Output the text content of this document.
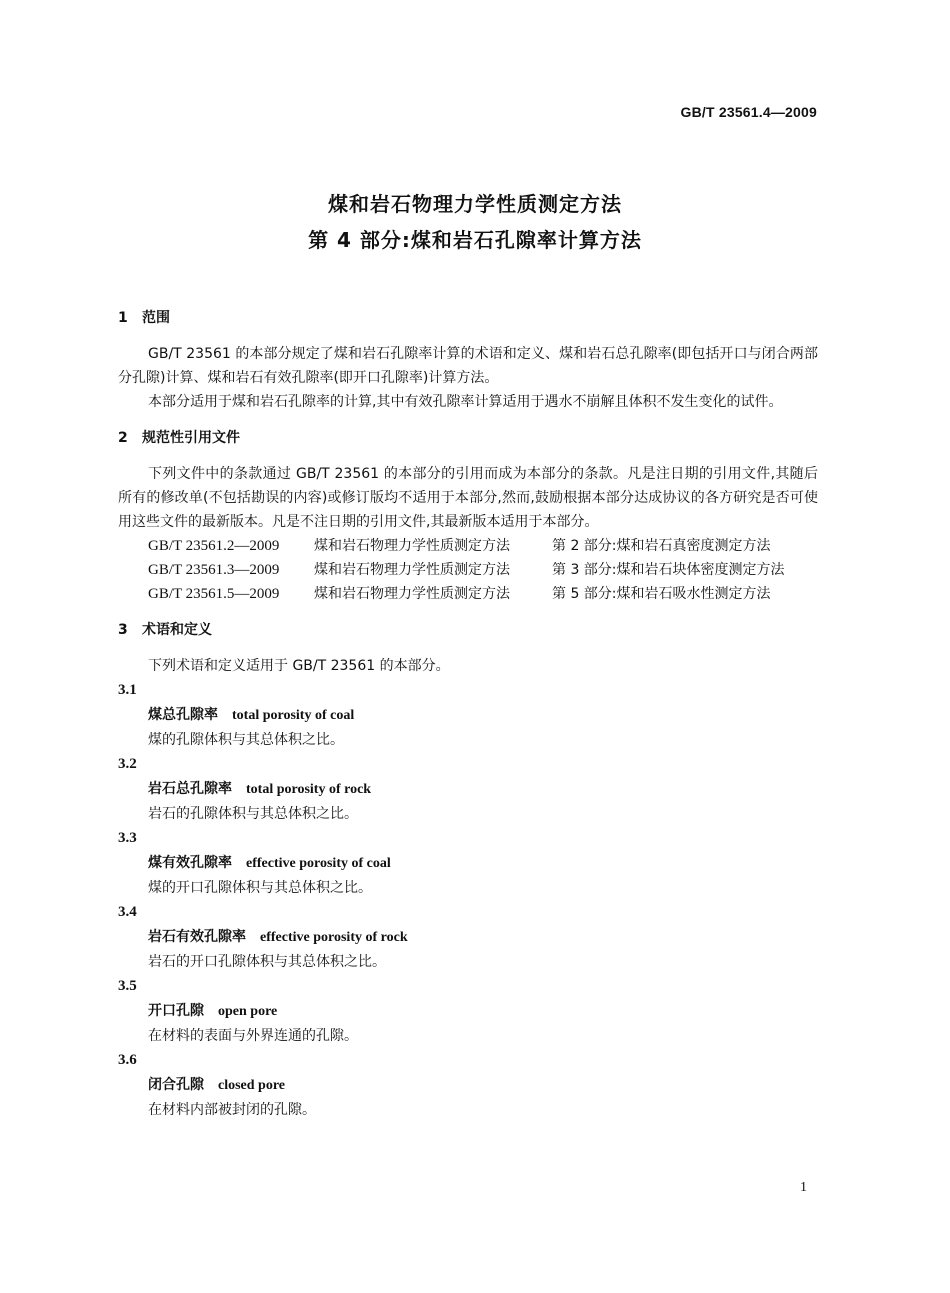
GB/T 23561.4—2009
煤和岩石物理力学性质测定方法
第 4 部分:煤和岩石孔隙率计算方法
1 范围

GB/T 23561 的本部分规定了煤和岩石孔隙率计算的术语和定义、煤和岩石总孔隙率(即包括开口与闭合两部分孔隙)计算、煤和岩石有效孔隙率(即开口孔隙率)计算方法。

本部分适用于煤和岩石孔隙率的计算,其中有效孔隙率计算适用于遇水不崩解且体积不发生变化的试件。

2 规范性引用文件

下列文件中的条款通过 GB/T 23561 的本部分的引用而成为本部分的条款。凡是注日期的引用文件,其随后所有的修改单(不包括勘误的内容)或修订版均不适用于本部分,然而,鼓励根据本部分达成协议的各方研究是否可使用这些文件的最新版本。凡是不注日期的引用文件,其最新版本适用于本部分。

GB/T 23561.2—2009 煤和岩石物理力学性质测定方法	第 2 部分:煤和岩石真密度测定方法
GB/T 23561.3—2009 煤和岩石物理力学性质测定方法	第 3 部分:煤和岩石块体密度测定方法
GB/T 23561.5—2009 煤和岩石物理力学性质测定方法	第 5 部分:煤和岩石吸水性测定方法
3 术语和定义

下列术语和定义适用于 GB/T 23561 的本部分。

3.1
煤总孔隙率 total porosity of coal
煤的孔隙体积与其总体积之比。
3.2
岩石总孔隙率 total porosity of rock
岩石的孔隙体积与其总体积之比。
3.3
煤有效孔隙率 effective porosity of coal
煤的开口孔隙体积与其总体积之比。
3.4
岩石有效孔隙率 effective porosity of rock
岩石的开口孔隙体积与其总体积之比。
3.5
开口孔隙 open pore
在材料的表面与外界连通的孔隙。
3.6
闭合孔隙 closed pore
在材料内部被封闭的孔隙。
1
